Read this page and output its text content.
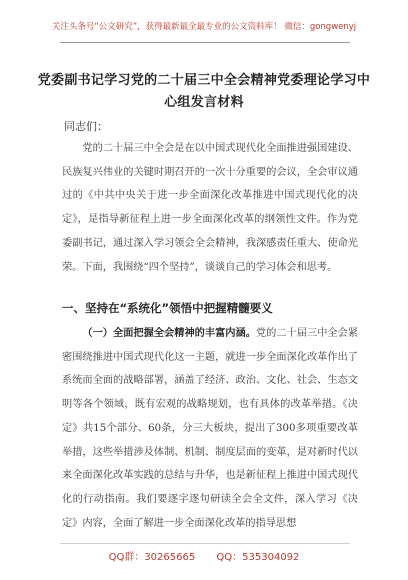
关注头条号“公文研究”，获得最新最全最专业的公文资料库！ 微信：gongwenyj
党委副书记学习党的二十届三中全会精神党委理论学习中
心组发言材料
同志们：

党的二十届三中全会是在以中国式现代化全面推进强国建设、民族复兴伟业的关键时期召开的一次十分重要的会议，全会审议通过的《中共中央关于进一步全面深化改革推进中国式现代化的决定》，是指导新征程上进一步全面深化改革的纲领性文件。作为党委副书记，通过深入学习领会全会精神，我深感责任重大、使命光荣。下面，我围绕“四个坚持”，谈谈自己的学习体会和思考。

一、坚持在“系统化”领悟中把握精髓要义

（一）全面把握全会精神的丰富内涵。党的二十届三中全会紧密围绕推进中国式现代化这一主题，就进一步全面深化改革作出了系统而全面的战略部署，涵盖了经济、政治、文化、社会、生态文明等各个领域，既有宏观的战略规划，也有具体的改革举措。《决定》共15个部分、60条，分三大板块，提出了300多项重要改革举措，这些举措涉及体制、机制、制度层面的变革，是对新时代以来全面深化改革实践的总结与升华，也是新征程上推进中国式现代化的行动指南。我们要逐字逐句研读全会全文件，深入学习《决定》内容，全面了解进一步全面深化改革的指导思想

QQ群：30265665 QQ：535304092
